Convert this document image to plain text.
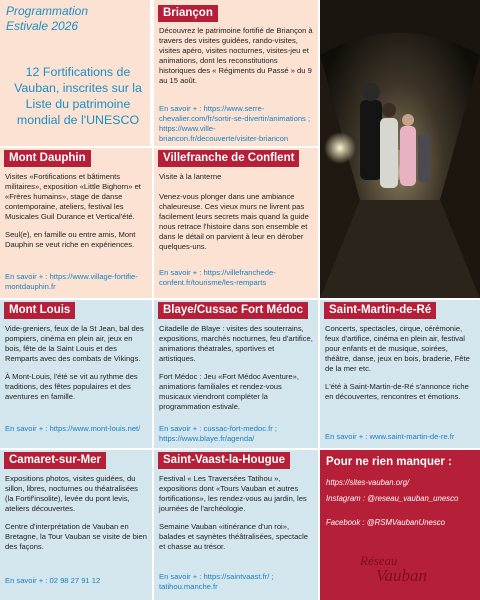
Programmation
Estivale 2026
12 Fortifications de Vauban, inscrites sur la Liste du patrimoine mondial de l'UNESCO
Briançon
Découvrez le patrimoine fortifié de Briançon à travers des visites guidées, rando-visites, visites apéro, visites nocturnes, visites-jeu et animations, dont les reconstitutions historiques des « Régiments du Passé » du 9 au 15 août.
En savoir + : https://www.serre-chevalier.com/fr/sortir-se-divertir/animations ; https://www.ville-briancon.fr/decouverte/visiter-briancon
Mont Dauphin

Visites «Fortifications et bâtiments militaires», exposition «Little Bighorn» et «Frères humains», stage de danse contemporaine, ateliers, festival les Musicales Guil Durance et Vertical'été.

Seul(e), en famille ou entre amis, Mont Dauphin se veut riche en expériences.

En savoir + : https://www.village-fortifie-montdauphin.fr
Villefranche de Conflent
Visite à la lanterne
Venez-vous plonger dans une ambiance chaleureuse. Ces vieux murs ne livrent pas facilement leurs secrets mais quand la guide nous retrace l'histoire dans son ensemble et dans le détail on parvient à leur en dérober quelques-uns.
En savoir + : https://villefranchede-confent.fr/tourisme/les-remparts
Mont Louis

Vide-greniers, feux de la St Jean, bal des pompiers, cinéma en plein air, jeux en bois, fête de la Saint Louis et des Remparts avec des combats de Vikings.

À Mont-Louis, l'été se vit au rythme des traditions, des fêtes populaires et des aventures en famille.

En savoir + : https://www.mont-louis.net/
Blaye/Cussac Fort Médoc

Citadelle de Blaye : visites des souterrains, expositions, marchés nocturnes, feu d'artifice, animations théatrales, sportives et artistiques.

Fort Médoc : Jeu «Fort Médoc Aventure», animations familiales et rendez-vous musicaux viendront compléter la programmation estivale.

En savoir + : cussac-fort-medoc.fr ; https://www.blaye.fr/agenda/
Saint-Martin-de-Ré

Concerts, spectacles, cirque, cérémonie, feux d'artifice, cinéma en plein air, festival pour enfants et de musique, soirées, théâtre, danse, jeux en bois, braderie, Fête de la mer etc.

L'été à Saint-Martin-de-Ré s'annonce riche en découvertes, rencontres et émotions.

En savoir + : www.saint-martin-de-re.fr
Camaret-sur-Mer

Expositions photos, visites guidées, du sillon, libres, nocturnes ou théatralisées (la Fortif'insolite), levée du pont levis, ateliers découvertes.

Centre d'interprétation de Vauban en Bretagne, la Tour Vauban se visite de bien des façons.

En savoir + : 02 98 27 91 12
Saint-Vaast-la-Hougue

Festival « Les Traversées Tatihou », expositions dont «Tours Vauban et autres fortifications», les rendez-vous au jardin, les journées de l'archéologie.

Semaine Vauban «itinérance d'un roi», balades et saynètes théâtralisées, spectacle et chasse au trésor.

En savoir + : https://saintvaast.fr/ ; tatihou.manche.fr
Pour ne rien manquer :
https://sites-vauban.org/
Instagram : @reseau_vauban_unesco
Facebook : @RSMVaubanUnesco
Réseau
Vauban
